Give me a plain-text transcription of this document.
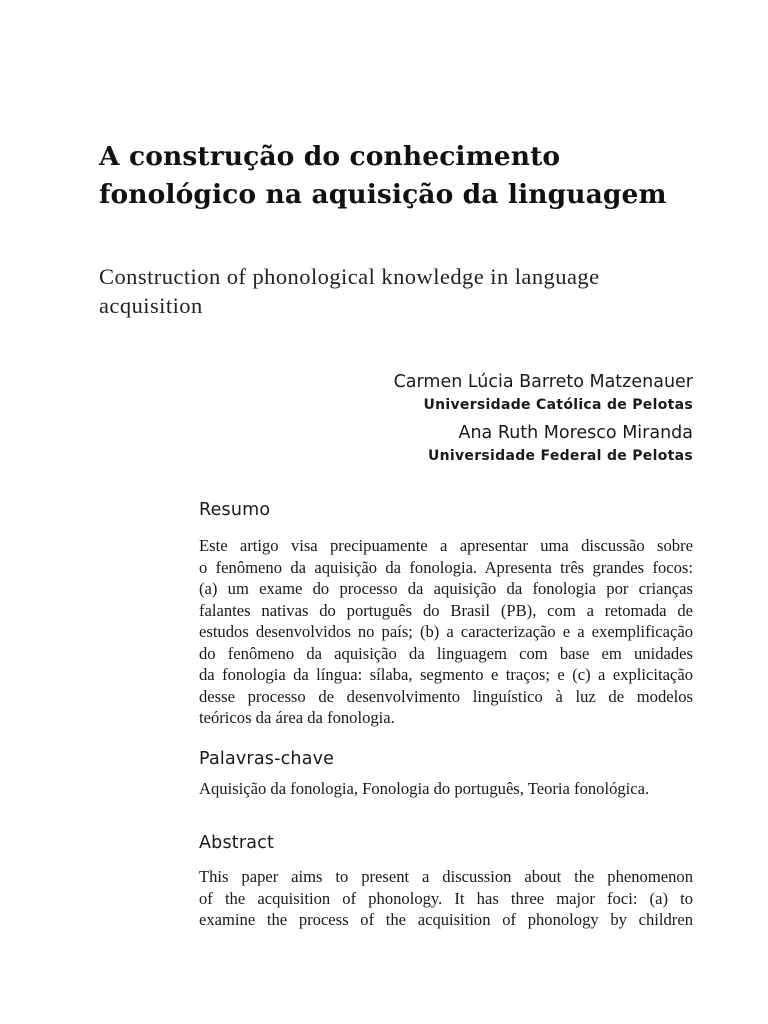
A construção do conhecimento
fonológico na aquisição da linguagem
Construction of phonological knowledge in language
acquisition
Carmen Lúcia Barreto Matzenauer
Universidade Católica de Pelotas
Ana Ruth Moresco Miranda
Universidade Federal de Pelotas
Resumo
Este artigo visa precipuamente a apresentar uma discussão sobre
o fenômeno da aquisição da fonologia. Apresenta três grandes focos:
(a) um exame do processo da aquisição da fonologia por crianças
falantes nativas do português do Brasil (PB), com a retomada de
estudos desenvolvidos no país; (b) a caracterização e a exemplificação
do fenômeno da aquisição da linguagem com base em unidades
da fonologia da língua: sílaba, segmento e traços; e (c) a explicitação
desse processo de desenvolvimento linguístico à luz de modelos
teóricos da área da fonologia.
Palavras-chave
Aquisição da fonologia, Fonologia do português, Teoria fonológica.
Abstract
This paper aims to present a discussion about the phenomenon
of the acquisition of phonology. It has three major foci: (a) to
examine the process of the acquisition of phonology by children
